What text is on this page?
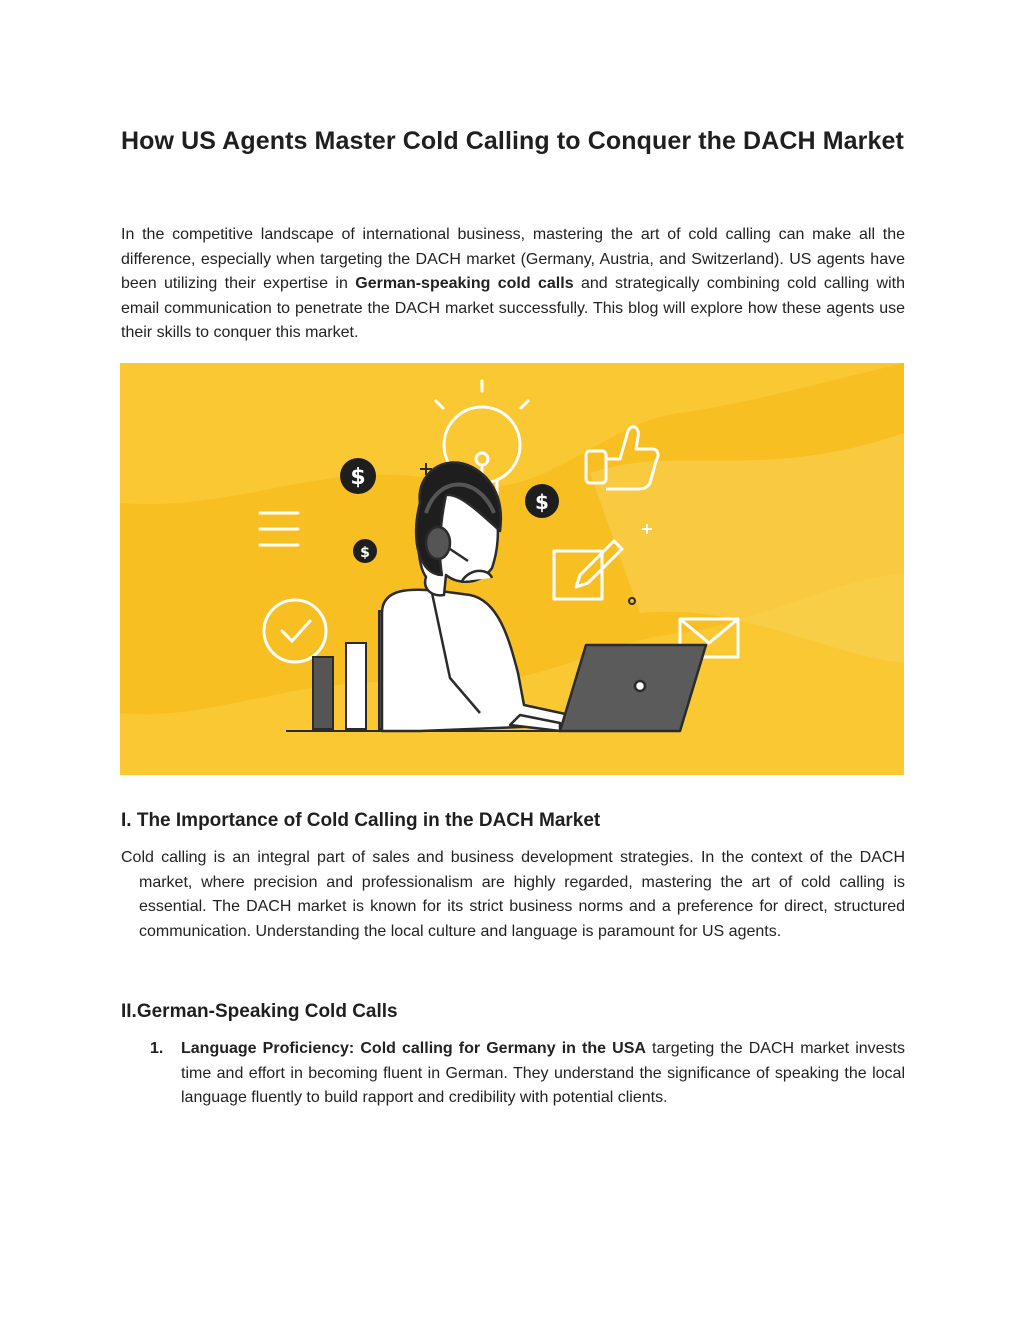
How US Agents Master Cold Calling to Conquer the DACH Market

In the competitive landscape of international business, mastering the art of cold calling can make all the difference, especially when targeting the DACH market (Germany, Austria, and Switzerland). US agents have been utilizing their expertise in German-speaking cold calls and strategically combining cold calling with email communication to penetrate the DACH market successfully. This blog will explore how these agents use their skills to conquer this market.

$
$
$
I. The Importance of Cold Calling in the DACH Market

Cold calling is an integral part of sales and business development strategies. In the context of the DACH market, where precision and professionalism are highly regarded, mastering the art of cold calling is essential. The DACH market is known for its strict business norms and a preference for direct, structured communication. Understanding the local culture and language is paramount for US agents.

II.German-Speaking Cold Calls
1. Language Proficiency: Cold calling for Germany in the USA targeting the DACH market invests time and effort in becoming fluent in German. They understand the significance of speaking the local language fluently to build rapport and credibility with potential clients.
